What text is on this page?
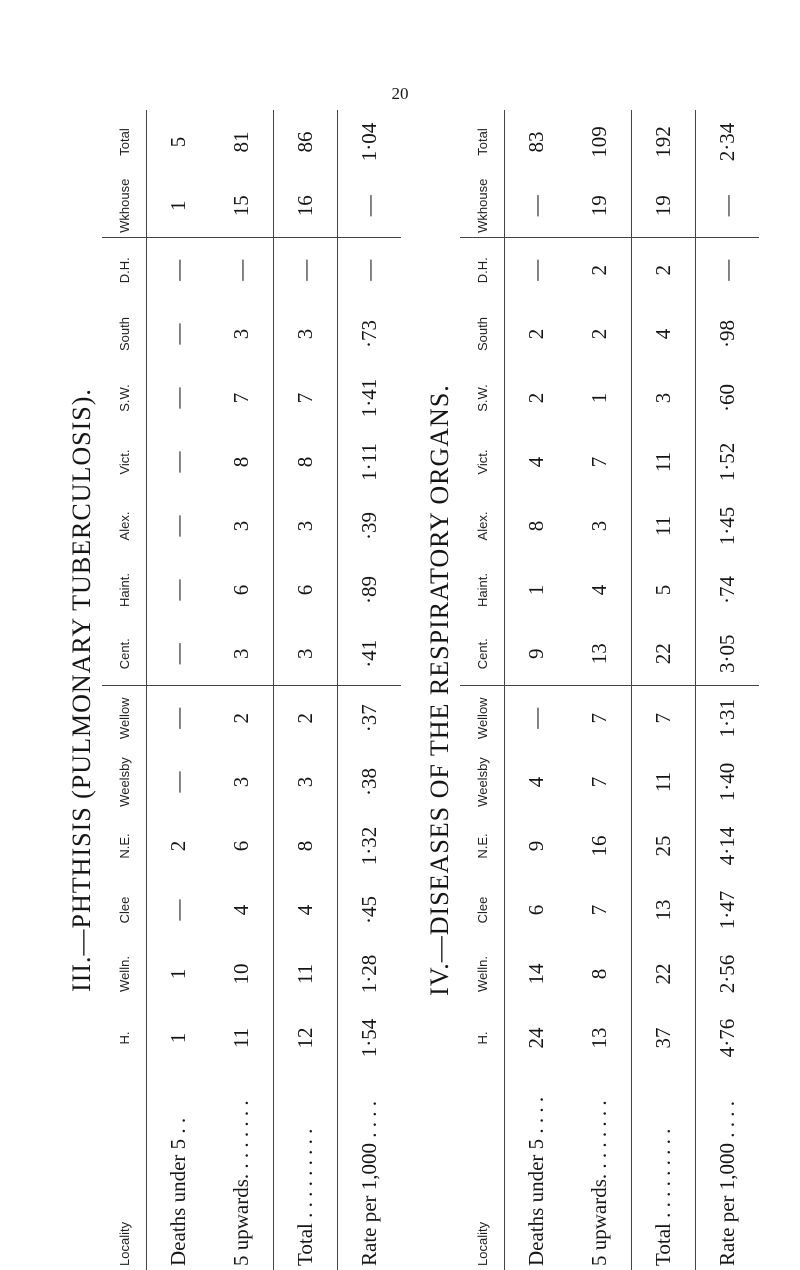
20
III.—PHTHISIS (PULMONARY TUBERCULOSIS).
Locality	H.	Welln.	Clee	N.E.	Weelsby	Wellow	Cent.	Haint.	Alex.	Vict.	S.W.	South	D.H.	Wkhouse	Total
Deaths under 5 . .	1	1	—	2	—	—	—	—	—	—	—	—	—	1	5
5 upwards. . . . . . . .	11	10	4	6	3	2	3	6	3	8	7	3	—	15	81
Total . . . . . . . . .	12	11	4	8	3	2	3	6	3	8	7	3	—	16	86
Rate per 1,000 . . . .	1·54	1·28	·45	1·32	·38	·37	·41	·89	·39	1·11	1·41	·73	—	—	1·04
IV.—DISEASES OF THE RESPIRATORY ORGANS.
Locality	H.	Welln.	Clee	N.E.	Weelsby	Wellow	Cent.	Haint.	Alex.	Vict.	S.W.	South	D.H.	Wkhouse	Total
Deaths under 5 . . . .	24	14	6	9	4	—	9	1	8	4	2	2	—	—	83
5 upwards. . . . . . . .	13	8	7	16	7	7	13	4	3	7	1	2	2	19	109
Total . . . . . . . . .	37	22	13	25	11	7	22	5	11	11	3	4	2	19	192
Rate per 1,000 . . . .	4·76	2·56	1·47	4·14	1·40	1·31	3·05	·74	1·45	1·52	·60	·98	—	—	2·34
